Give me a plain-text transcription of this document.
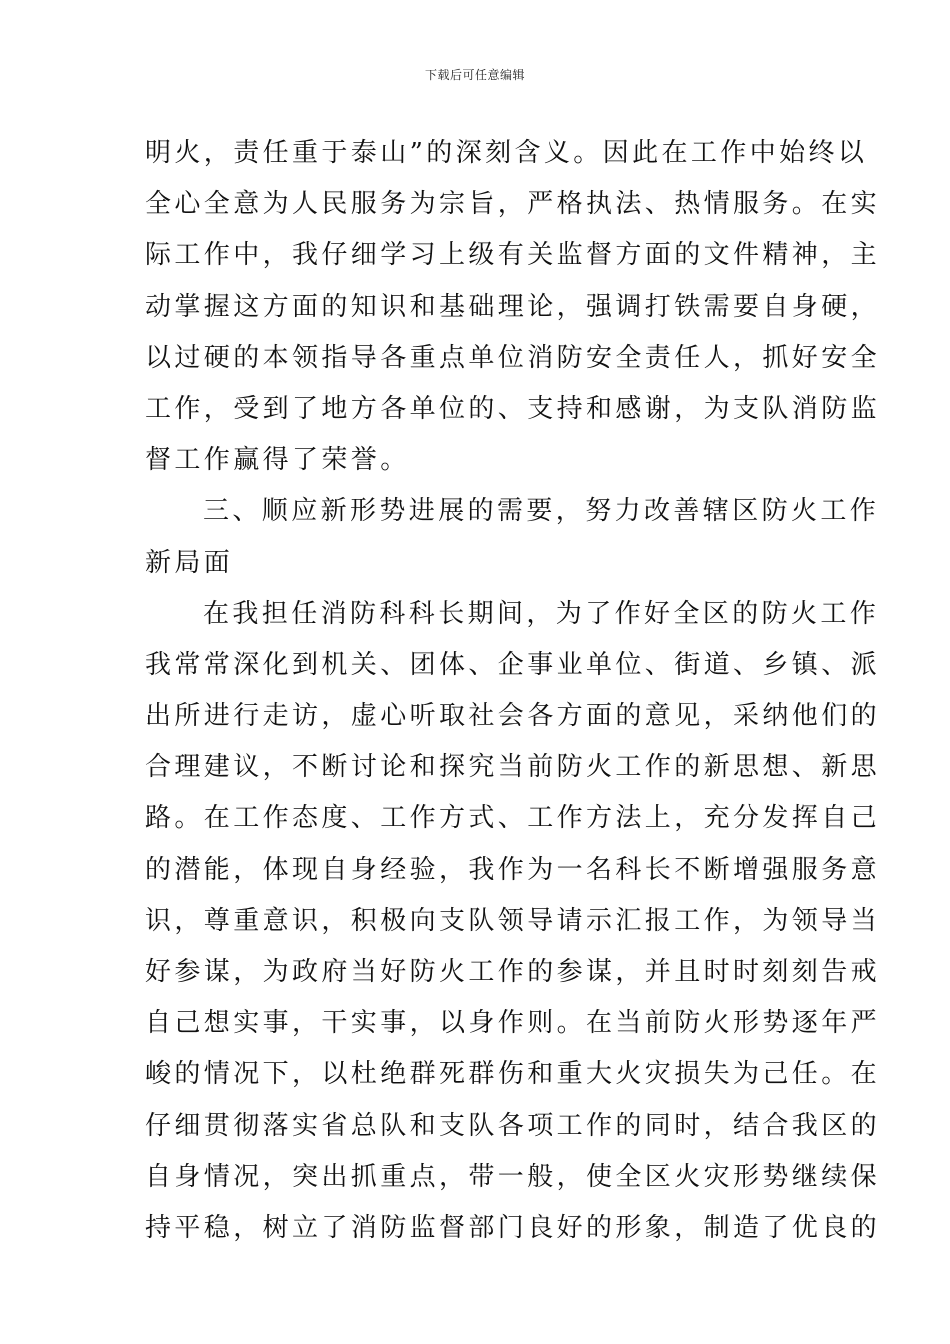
下载后可任意编辑
明火，责任重于泰山”的深刻含义。因此在工作中始终以
全心全意为人民服务为宗旨，严格执法、热情服务。在实
际工作中，我仔细学习上级有关监督方面的文件精神，主
动掌握这方面的知识和基础理论，强调打铁需要自身硬，
以过硬的本领指导各重点单位消防安全责任人，抓好安全
工作，受到了地方各单位的、支持和感谢，为支队消防监
督工作赢得了荣誉。
三、顺应新形势进展的需要，努力改善辖区防火工作
新局面
在我担任消防科科长期间，为了作好全区的防火工作
我常常深化到机关、团体、企事业单位、街道、乡镇、派
出所进行走访，虚心听取社会各方面的意见，采纳他们的
合理建议，不断讨论和探究当前防火工作的新思想、新思
路。在工作态度、工作方式、工作方法上，充分发挥自己
的潜能，体现自身经验，我作为一名科长不断增强服务意
识，尊重意识，积极向支队领导请示汇报工作，为领导当
好参谋，为政府当好防火工作的参谋，并且时时刻刻告戒
自己想实事，干实事，以身作则。在当前防火形势逐年严
峻的情况下，以杜绝群死群伤和重大火灾损失为己任。在
仔细贯彻落实省总队和支队各项工作的同时，结合我区的
自身情况，突出抓重点，带一般，使全区火灾形势继续保
持平稳，树立了消防监督部门良好的形象，制造了优良的
